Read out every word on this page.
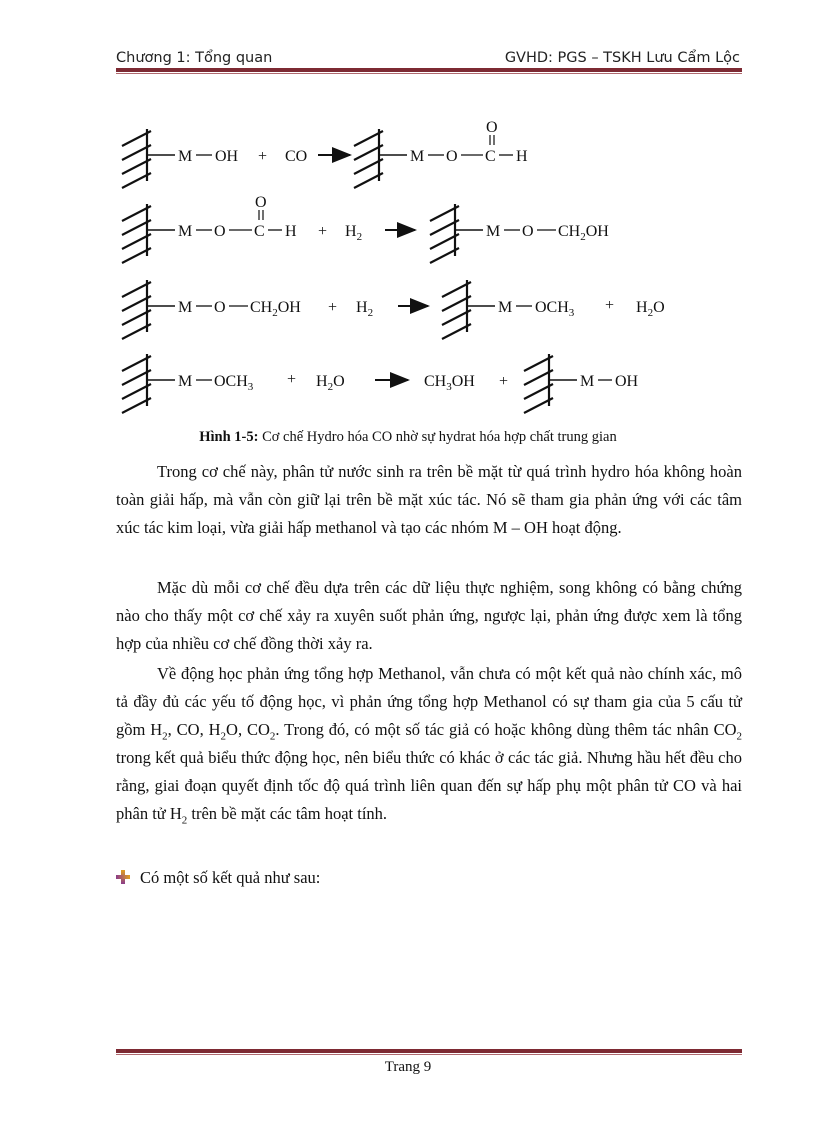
Chương 1: Tổng quan	GVHD: PGS – TSKH Lưu Cẩm Lộc
M OH + CO	M O C
O
H
M O C
O
$H + H_2$	M O $CH_2OH$
M O $CH_2OH + H_2$	M $OCH_3 + H_2O$
M $OCH_3 + H_2O$	$CH_3OH$ +	M OH
Hình 1-5: Cơ chế Hydro hóa CO nhờ sự hydrat hóa hợp chất trung gian

Trong cơ chế này, phân tử nước sinh ra trên bề mặt từ quá trình hydro hóa không hoàn toàn giải hấp, mà vẫn còn giữ lại trên bề mặt xúc tác. Nó sẽ tham gia phản ứng với các tâm xúc tác kim loại, vừa giải hấp methanol và tạo các nhóm M – OH hoạt động.

Mặc dù mỗi cơ chế đều dựa trên các dữ liệu thực nghiệm, song không có bằng chứng nào cho thấy một cơ chế xảy ra xuyên suốt phản ứng, ngược lại, phản ứng được xem là tổng hợp của nhiều cơ chế đồng thời xảy ra.

Về động học phản ứng tổng hợp Methanol, vẫn chưa có một kết quả nào chính xác, mô tả đầy đủ các yếu tố động học, vì phản ứng tổng hợp Methanol có sự tham gia của 5 cấu tử gồm $H_2$, CO, $H_2O$, $CO_2$. Trong đó, có một số tác giả có hoặc không dùng thêm tác nhân $CO_2$ trong kết quả biểu thức động học, nên biểu thức có khác ở các tác giả. Nhưng hầu hết đều cho rằng, giai đoạn quyết định tốc độ quá trình liên quan đến sự hấp phụ một phân tử CO và hai phân tử $H_2$ trên bề mặt các tâm hoạt tính.

Có một số kết quả như sau:
Trang 9
